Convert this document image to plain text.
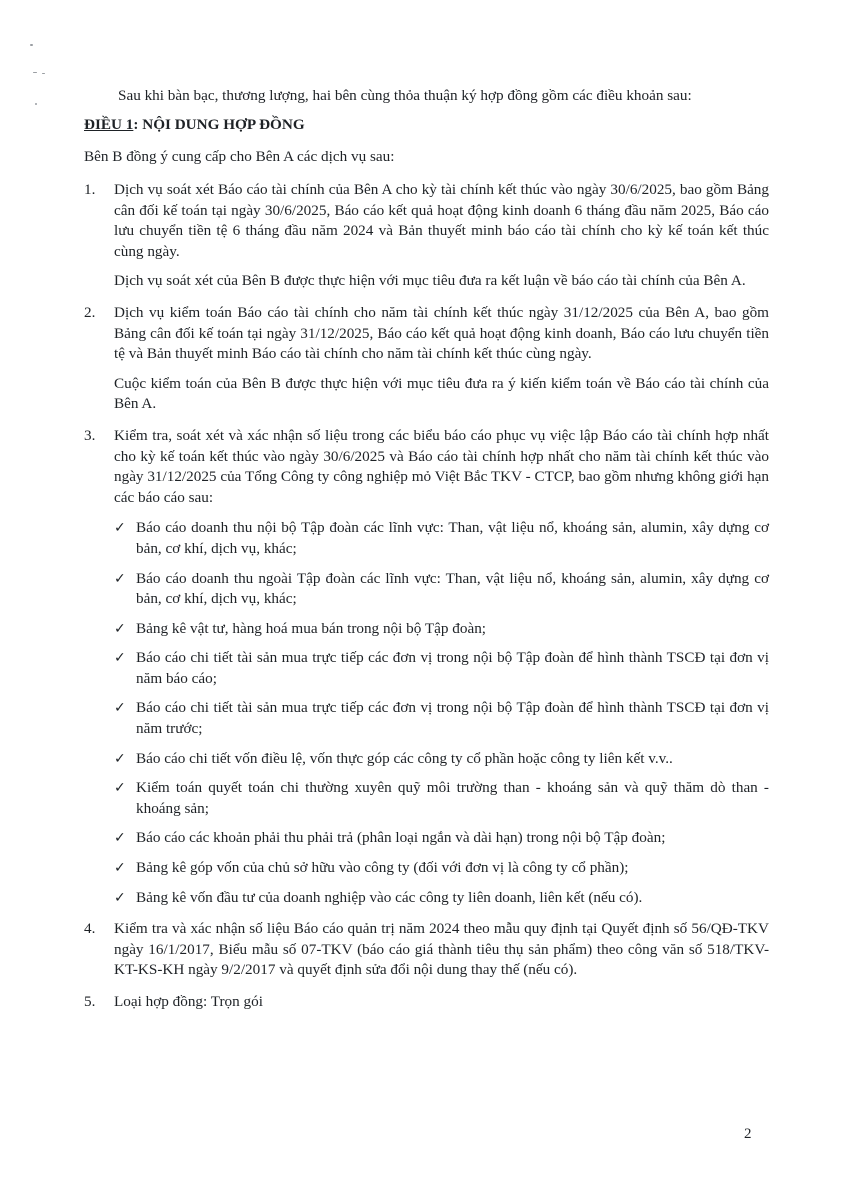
Sau khi bàn bạc, thương lượng, hai bên cùng thỏa thuận ký hợp đồng gồm các điều khoản sau:
ĐIỀU 1: NỘI DUNG HỢP ĐỒNG
Bên B đồng ý cung cấp cho Bên A các dịch vụ sau:
1. Dịch vụ soát xét Báo cáo tài chính của Bên A cho kỳ tài chính kết thúc vào ngày 30/6/2025, bao gồm Bảng cân đối kế toán tại ngày 30/6/2025, Báo cáo kết quả hoạt động kinh doanh 6 tháng đầu năm 2025, Báo cáo lưu chuyển tiền tệ 6 tháng đầu năm 2024 và Bản thuyết minh báo cáo tài chính cho kỳ kế toán kết thúc cùng ngày.

Dịch vụ soát xét của Bên B được thực hiện với mục tiêu đưa ra kết luận về báo cáo tài chính của Bên A.

2. Dịch vụ kiểm toán Báo cáo tài chính cho năm tài chính kết thúc ngày 31/12/2025 của Bên A, bao gồm Bảng cân đối kế toán tại ngày 31/12/2025, Báo cáo kết quả hoạt động kinh doanh, Báo cáo lưu chuyển tiền tệ và Bản thuyết minh Báo cáo tài chính cho năm tài chính kết thúc cùng ngày.

Cuộc kiểm toán của Bên B được thực hiện với mục tiêu đưa ra ý kiến kiểm toán về Báo cáo tài chính của Bên A.

3. Kiểm tra, soát xét và xác nhận số liệu trong các biểu báo cáo phục vụ việc lập Báo cáo tài chính hợp nhất cho kỳ kế toán kết thúc vào ngày 30/6/2025 và Báo cáo tài chính hợp nhất cho năm tài chính kết thúc vào ngày 31/12/2025 của Tổng Công ty công nghiệp mỏ Việt Bắc TKV - CTCP, bao gồm nhưng không giới hạn các báo cáo sau:

✓ Báo cáo doanh thu nội bộ Tập đoàn các lĩnh vực: Than, vật liệu nổ, khoáng sản, alumin, xây dựng cơ bản, cơ khí, dịch vụ, khác;
✓ Báo cáo doanh thu ngoài Tập đoàn các lĩnh vực: Than, vật liệu nổ, khoáng sản, alumin, xây dựng cơ bản, cơ khí, dịch vụ, khác;
✓ Bảng kê vật tư, hàng hoá mua bán trong nội bộ Tập đoàn;
✓ Báo cáo chi tiết tài sản mua trực tiếp các đơn vị trong nội bộ Tập đoàn để hình thành TSCĐ tại đơn vị năm báo cáo;
✓ Báo cáo chi tiết tài sản mua trực tiếp các đơn vị trong nội bộ Tập đoàn để hình thành TSCĐ tại đơn vị năm trước;
✓ Báo cáo chi tiết vốn điều lệ, vốn thực góp các công ty cổ phần hoặc công ty liên kết v.v..
✓ Kiểm toán quyết toán chi thường xuyên quỹ môi trường than - khoáng sản và quỹ thăm dò than - khoáng sản;
✓ Báo cáo các khoản phải thu phải trả (phân loại ngắn và dài hạn) trong nội bộ Tập đoàn;
✓ Bảng kê góp vốn của chủ sở hữu vào công ty (đối với đơn vị là công ty cổ phần);
✓ Bảng kê vốn đầu tư của doanh nghiệp vào các công ty liên doanh, liên kết (nếu có).
4. Kiểm tra và xác nhận số liệu Báo cáo quản trị năm 2024 theo mẫu quy định tại Quyết định số 56/QĐ-TKV ngày 16/1/2017, Biểu mẫu số 07-TKV (báo cáo giá thành tiêu thụ sản phẩm) theo công văn số 518/TKV-KT-KS-KH ngày 9/2/2017 và quyết định sửa đổi nội dung thay thế (nếu có).

5. Loại hợp đồng: Trọn gói

2
